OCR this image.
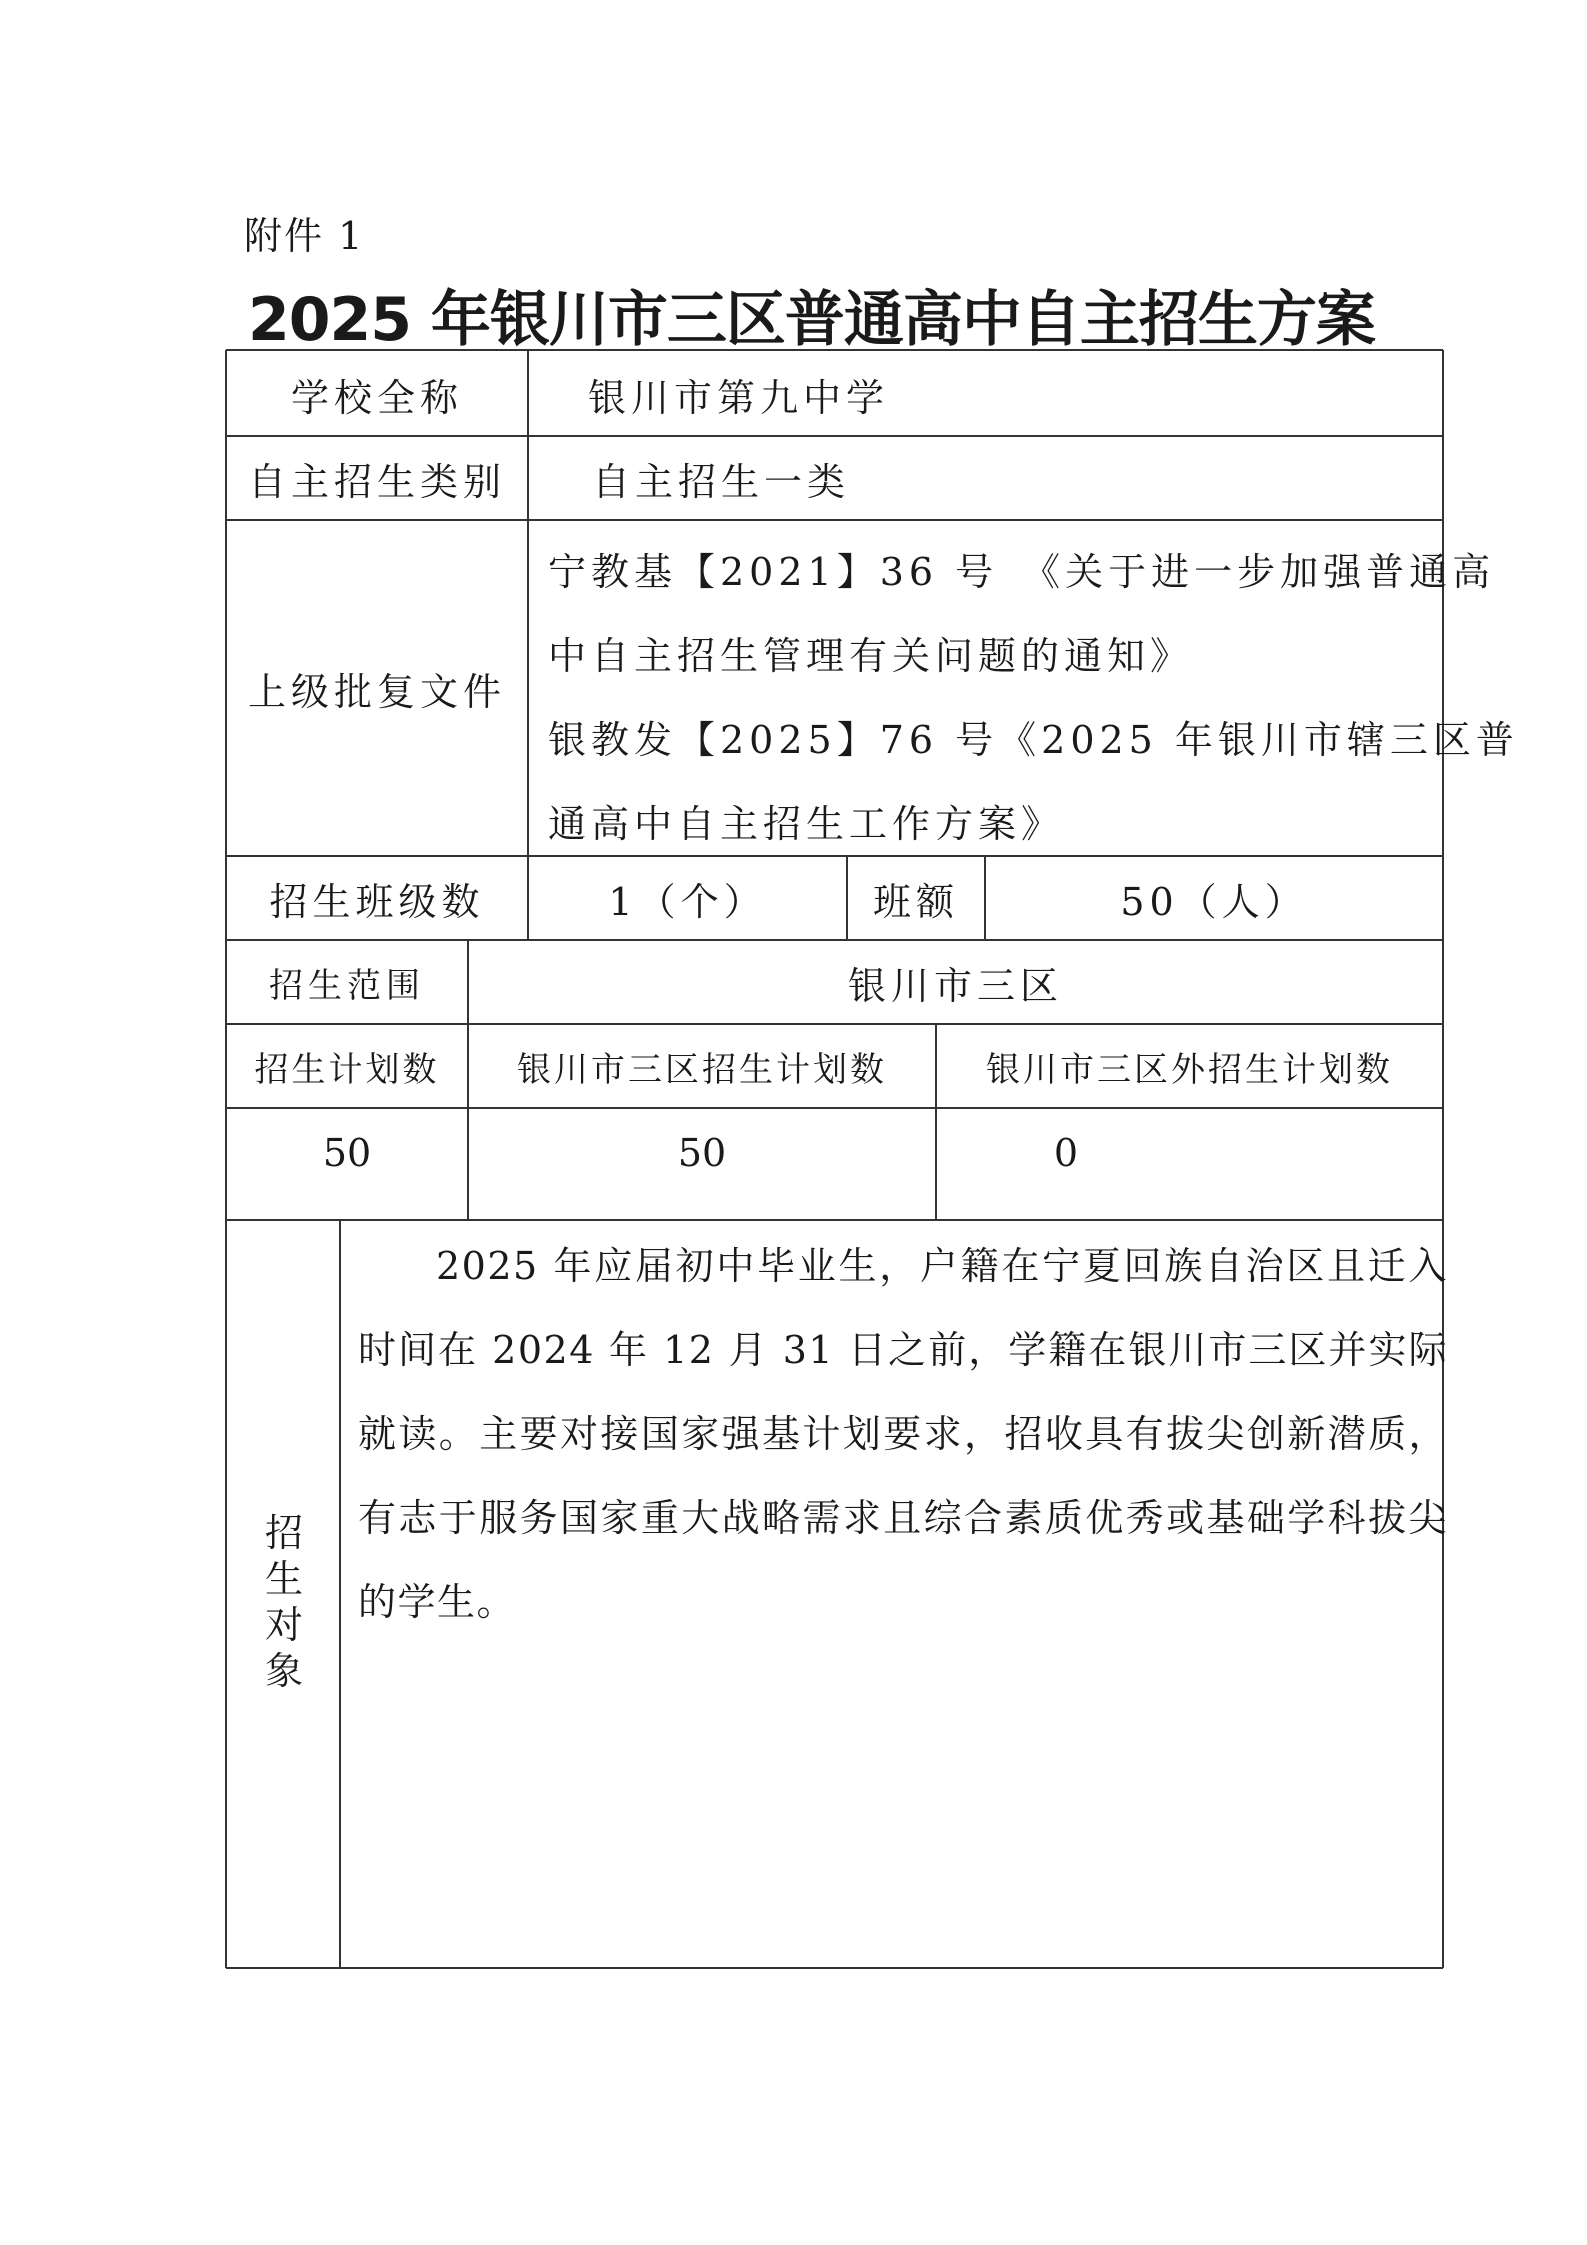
附件 1
2025 年银川市三区普通高中自主招生方案
学校全称	银川市第九中学
自主招生类别	自主招生一类
上级批复文件
宁教基【2021】36 号　《关于进一步加强普通高
中自主招生管理有关问题的通知》
银教发【2025】76 号《2025 年银川市辖三区普
通高中自主招生工作方案》
招生班级数	1（个）	班额	50（人）
招生范围	银川市三区
招生计划数	银川市三区招生计划数	银川市三区外招生计划数
50	50	0
招
生
对
象
2025 年应届初中毕业生，户籍在宁夏回族自治区且迁入时间在 2024 年 12 月 31 日之前，学籍在银川市三区并实际就读。主要对接国家强基计划要求，招收具有拔尖创新潜质，有志于服务国家重大战略需求且综合素质优秀或基础学科拔尖的学生。
